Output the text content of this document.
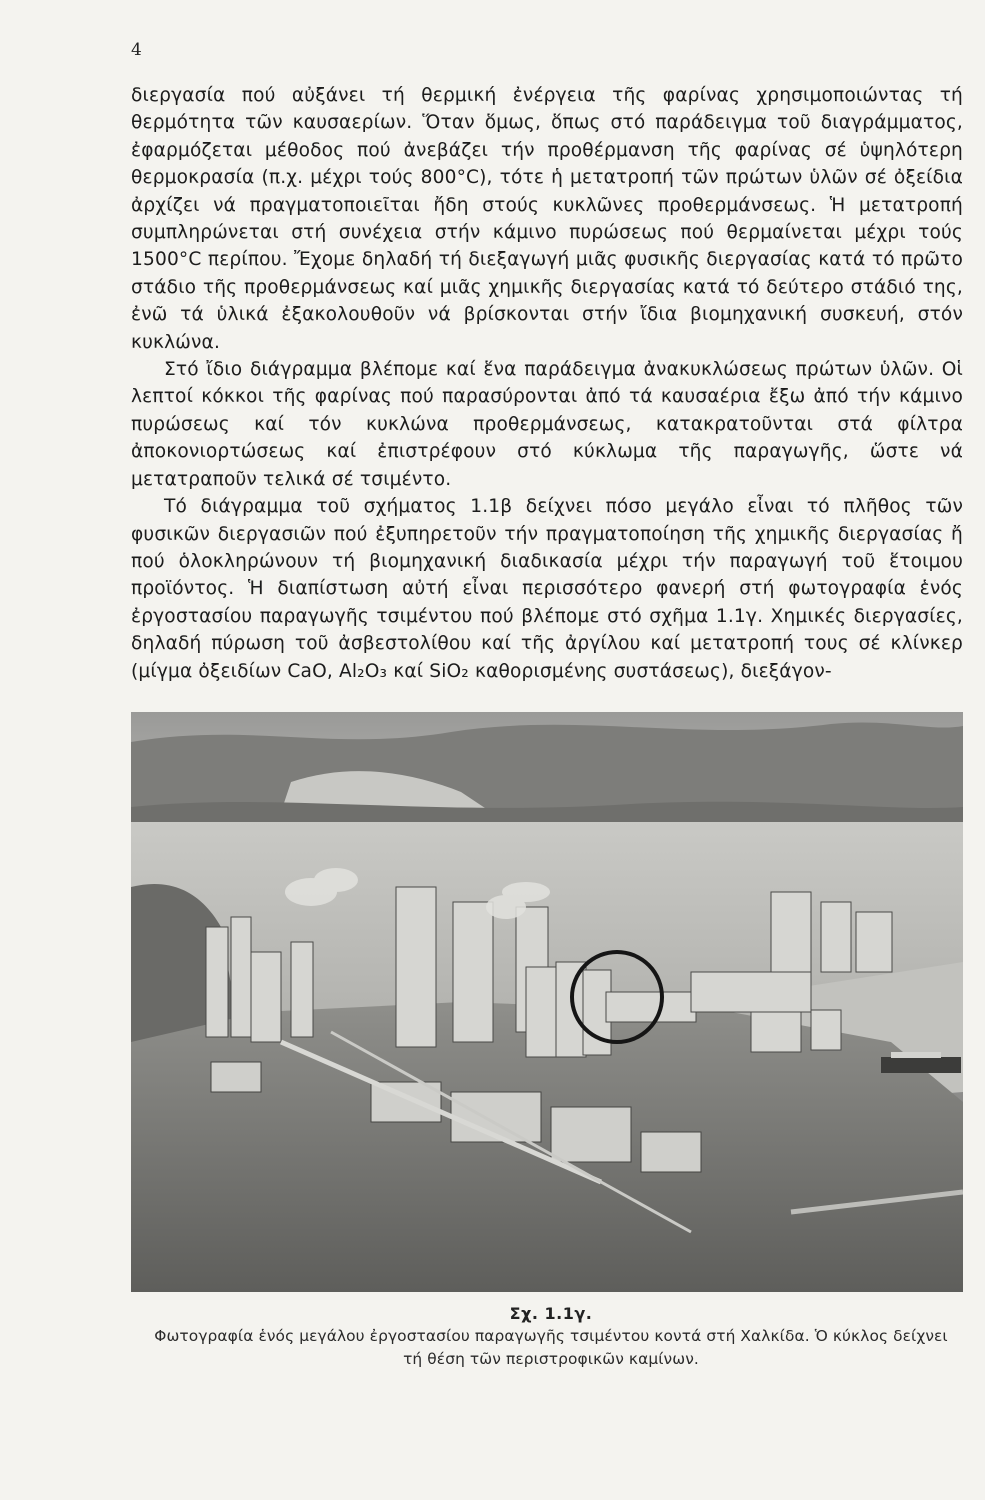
4

διεργασία πού αὐξάνει τή θερμική ἐνέργεια τῆς φαρίνας χρησιμοποιώντας τή θερμότητα τῶν καυσαερίων. Ὅταν ὅμως, ὅπως στό παράδειγμα τοῦ διαγράμματος, ἐφαρμόζεται μέθοδος πού ἀνεβάζει τήν προθέρμανση τῆς φαρίνας σέ ὑψηλότερη θερμοκρασία (π.χ. μέχρι τούς 800°C), τότε ἡ μετατροπή τῶν πρώτων ὑλῶν σέ ὀξείδια ἀρχίζει νά πραγματοποιεῖται ἤδη στούς κυκλῶνες προθερμάνσεως. Ἡ μετατροπή συμπληρώνεται στή συνέχεια στήν κάμινο πυρώσεως πού θερμαίνεται μέχρι τούς 1500°C περίπου. Ἔχομε δηλαδή τή διεξαγωγή μιᾶς φυσικῆς διεργασίας κατά τό πρῶτο στάδιο τῆς προθερμάνσεως καί μιᾶς χημικῆς διεργασίας κατά τό δεύτερο στάδιό της, ἐνῶ τά ὑλικά ἐξακολουθοῦν νά βρίσκονται στήν ἴδια βιομηχανική συσκευή, στόν κυκλώνα.

Στό ἴδιο διάγραμμα βλέπομε καί ἕνα παράδειγμα ἀνακυκλώσεως πρώτων ὑλῶν. Οἱ λεπτοί κόκκοι τῆς φαρίνας πού παρασύρονται ἀπό τά καυσαέρια ἔξω ἀπό τήν κάμινο πυρώσεως καί τόν κυκλώνα προθερμάνσεως, κατακρατοῦνται στά φίλτρα ἀποκονιορτώσεως καί ἐπιστρέφουν στό κύκλωμα τῆς παραγωγῆς, ὥστε νά μετατραποῦν τελικά σέ τσιμέντο.

Τό διάγραμμα τοῦ σχήματος 1.1β δείχνει πόσο μεγάλο εἶναι τό πλῆθος τῶν φυσικῶν διεργασιῶν πού ἐξυπηρετοῦν τήν πραγματοποίηση τῆς χημικῆς διεργασίας ἤ πού ὁλοκληρώνουν τή βιομηχανική διαδικασία μέχρι τήν παραγωγή τοῦ ἕτοιμου προϊόντος. Ἡ διαπίστωση αὐτή εἶναι περισσότερο φανερή στή φωτογραφία ἑνός ἐργοστασίου παραγωγῆς τσιμέντου πού βλέπομε στό σχῆμα 1.1γ. Χημικές διεργασίες, δηλαδή πύρωση τοῦ ἀσβεστολίθου καί τῆς ἀργίλου καί μετατροπή τους σέ κλίνκερ (μίγμα ὀξειδίων CaO, Al₂O₃ καί SiO₂ καθορισμένης συστάσεως), διεξάγον-

Σχ. 1.1γ.
Φωτογραφία ἑνός μεγάλου ἐργοστασίου παραγωγῆς τσιμέντου κοντά στή Χαλκίδα. Ὁ κύκλος δείχνει
τή θέση τῶν περιστροφικῶν καμίνων.
